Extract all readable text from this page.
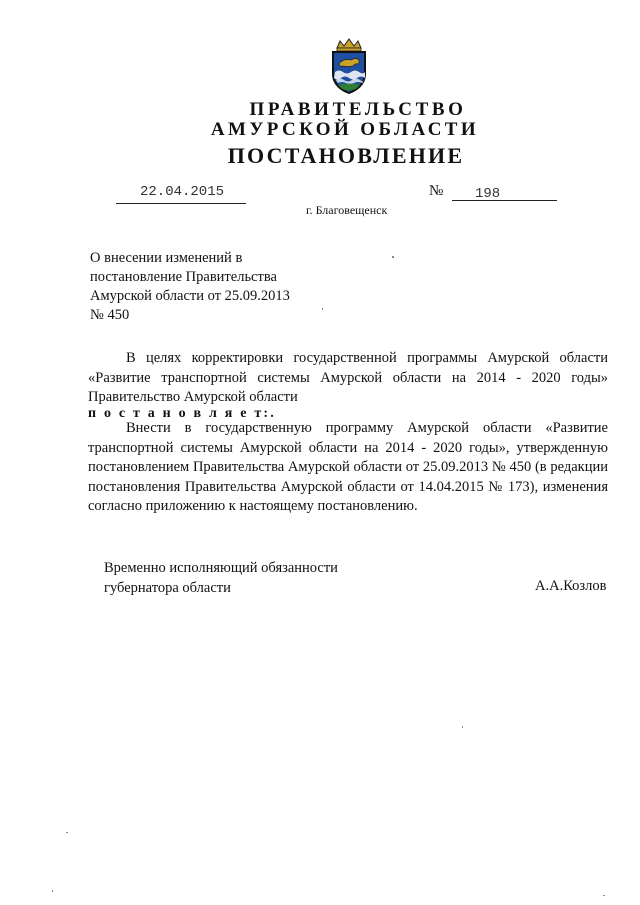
ПРАВИТЕЛЬСТВО
АМУРСКОЙ ОБЛАСТИ
ПОСТАНОВЛЕНИЕ
22.04.2015	№ 198
г. Благовещенск
О внесении изменений в
постановление Правительства
Амурской области от 25.09.2013
№ 450
В целях корректировки государственной программы Амурской области «Развитие транспортной системы Амурской области на 2014 - 2020 годы» Правительство Амурской области
п о с т а н о в л я е т:.
Внести в государственную программу Амурской области «Развитие транспортной системы Амурской области на 2014 - 2020 годы», утвержденную постановлением Правительства Амурской области от 25.09.2013 № 450 (в редакции постановления Правительства Амурской области от 14.04.2015 № 173), изменения согласно приложению к настоящему постановлению.
Временно исполняющий обязанности
губернатора области	А.А.Козлов
